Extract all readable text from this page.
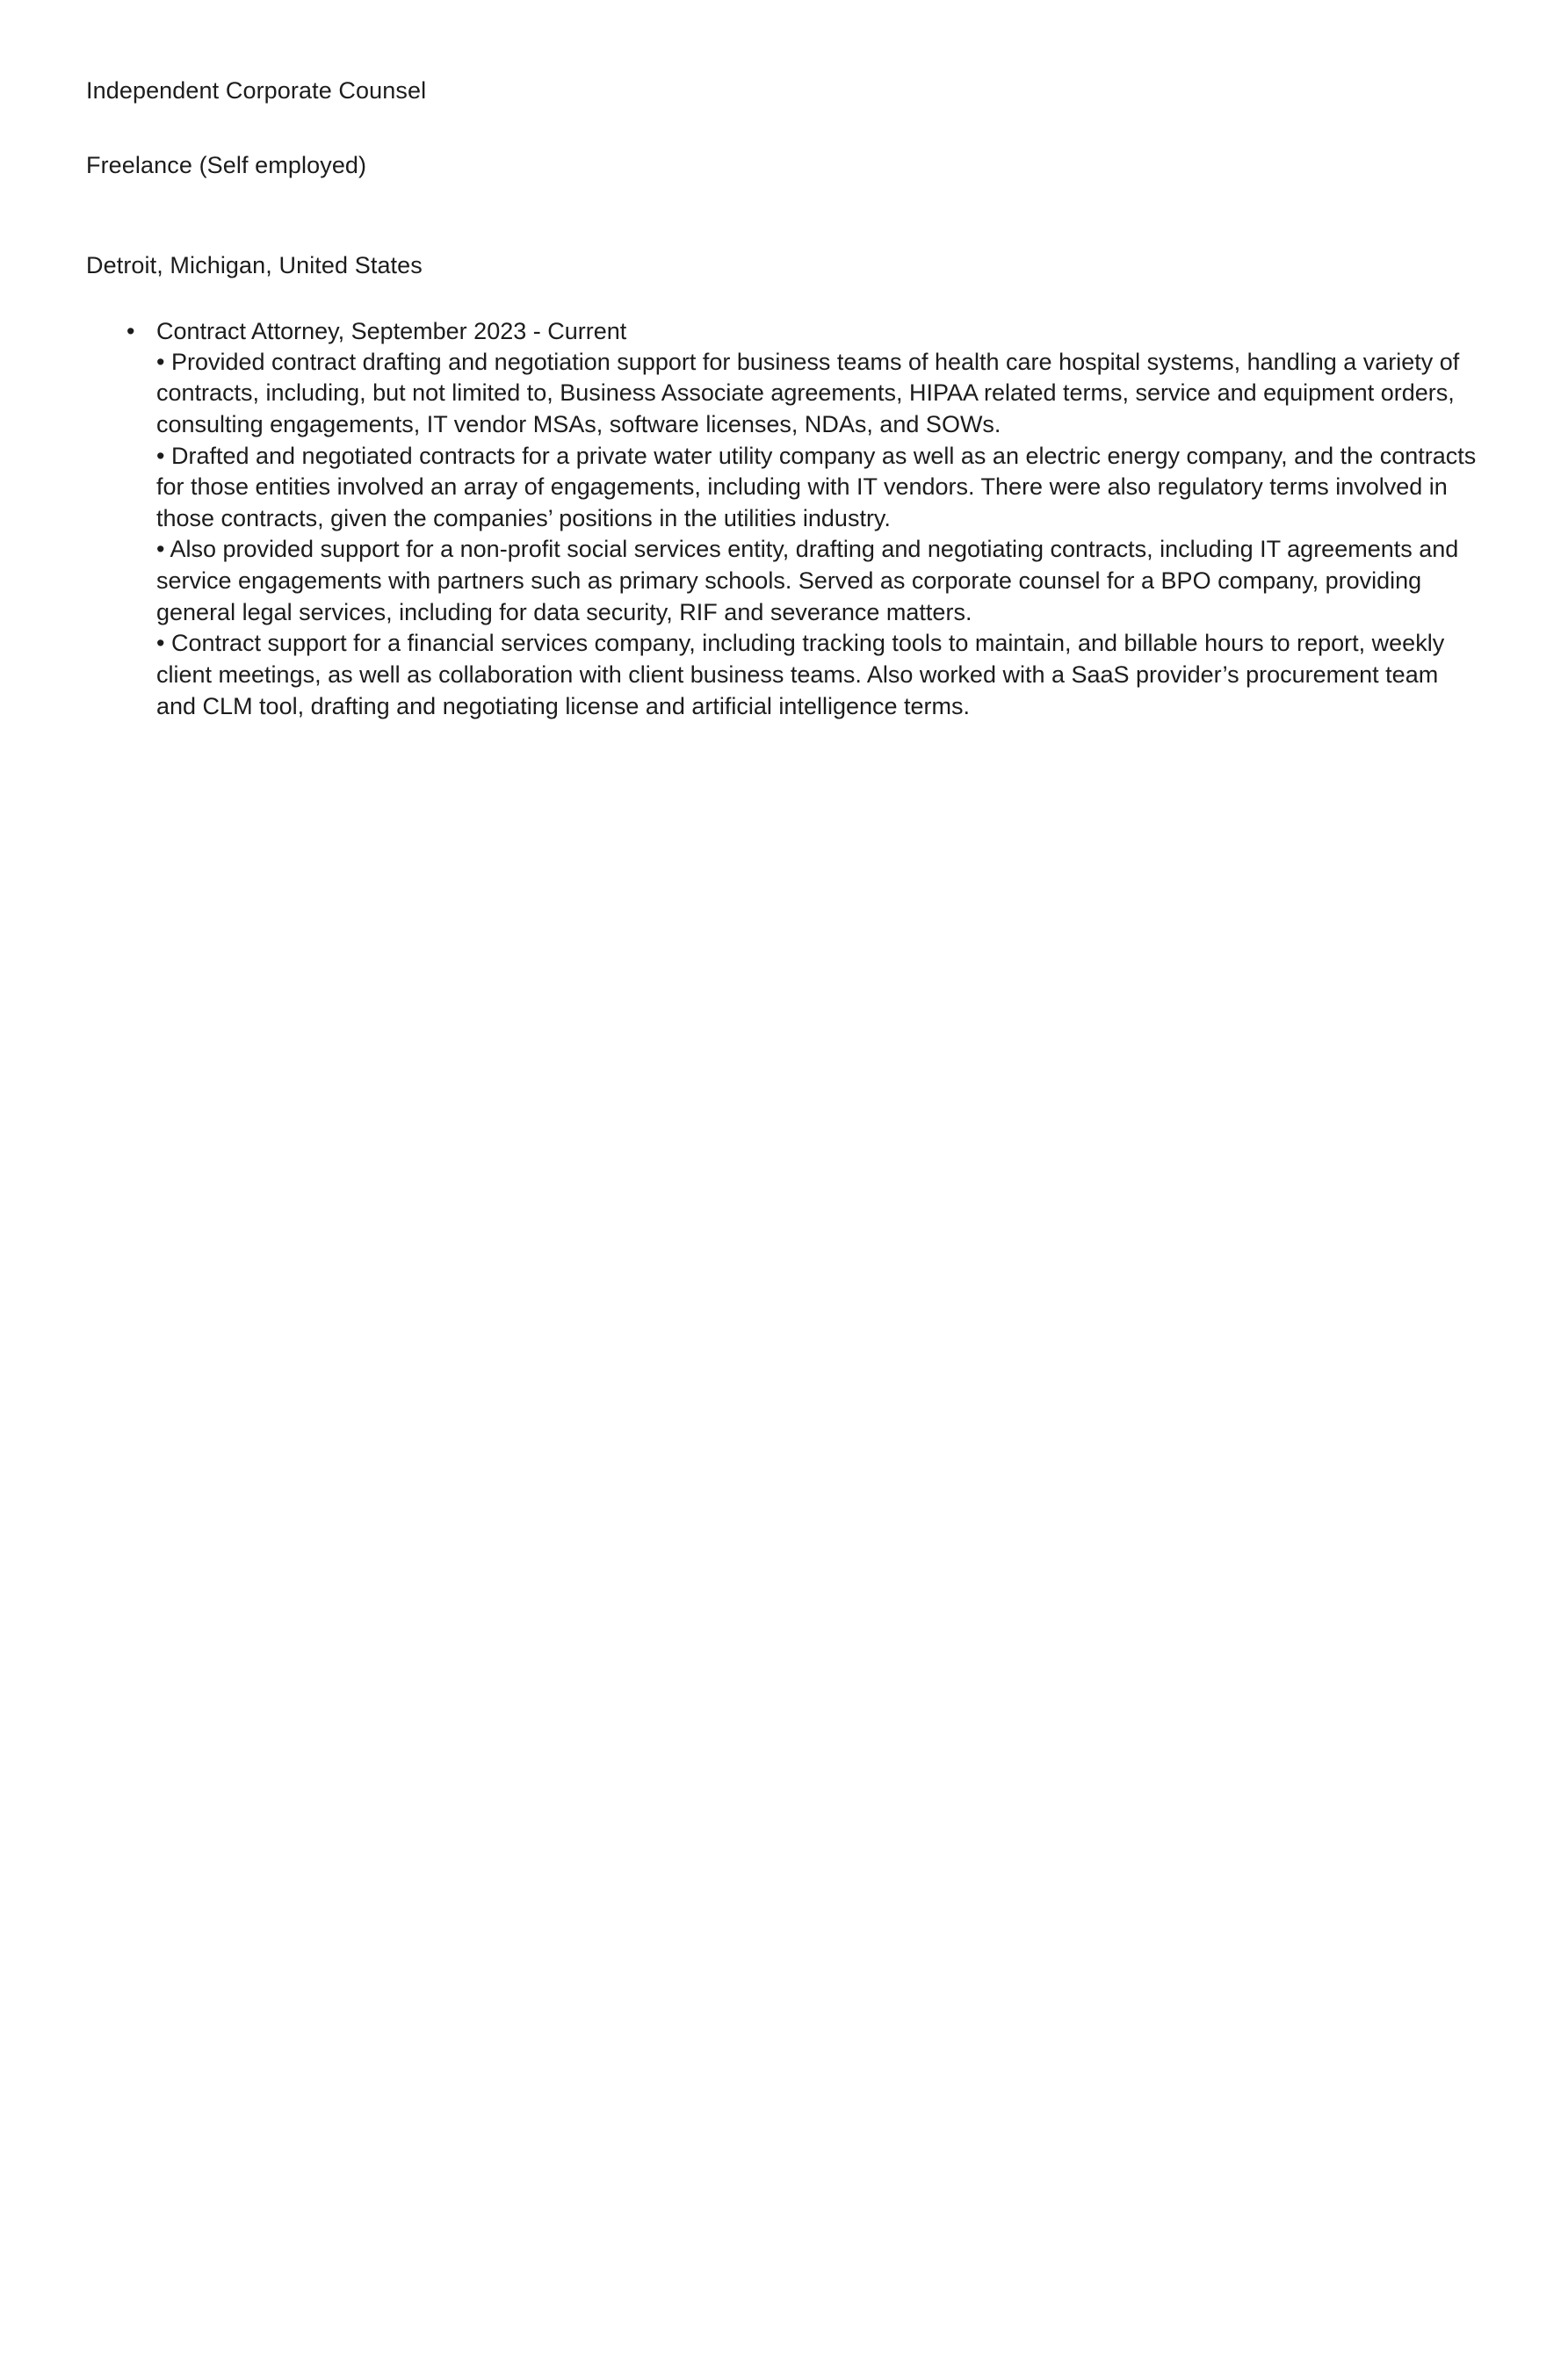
Independent Corporate Counsel

Freelance (Self employed)

Detroit, Michigan, United States

• Contract Attorney, September 2023 - Current
• Provided contract drafting and negotiation support for business teams of health care hospital systems, handling a variety of contracts, including, but not limited to, Business Associate agreements, HIPAA related terms, service and equipment orders, consulting engagements, IT vendor MSAs, software licenses, NDAs, and SOWs.
• Drafted and negotiated contracts for a private water utility company as well as an electric energy company, and the contracts for those entities involved an array of engagements, including with IT vendors. There were also regulatory terms involved in those contracts, given the companies’ positions in the utilities industry.
• Also provided support for a non-profit social services entity, drafting and negotiating contracts, including IT agreements and service engagements with partners such as primary schools. Served as corporate counsel for a BPO company, providing general legal services, including for data security, RIF and severance matters.
• Contract support for a financial services company, including tracking tools to maintain, and billable hours to report, weekly client meetings, as well as collaboration with client business teams. Also worked with a SaaS provider’s procurement team and CLM tool, drafting and negotiating license and artificial intelligence terms.
